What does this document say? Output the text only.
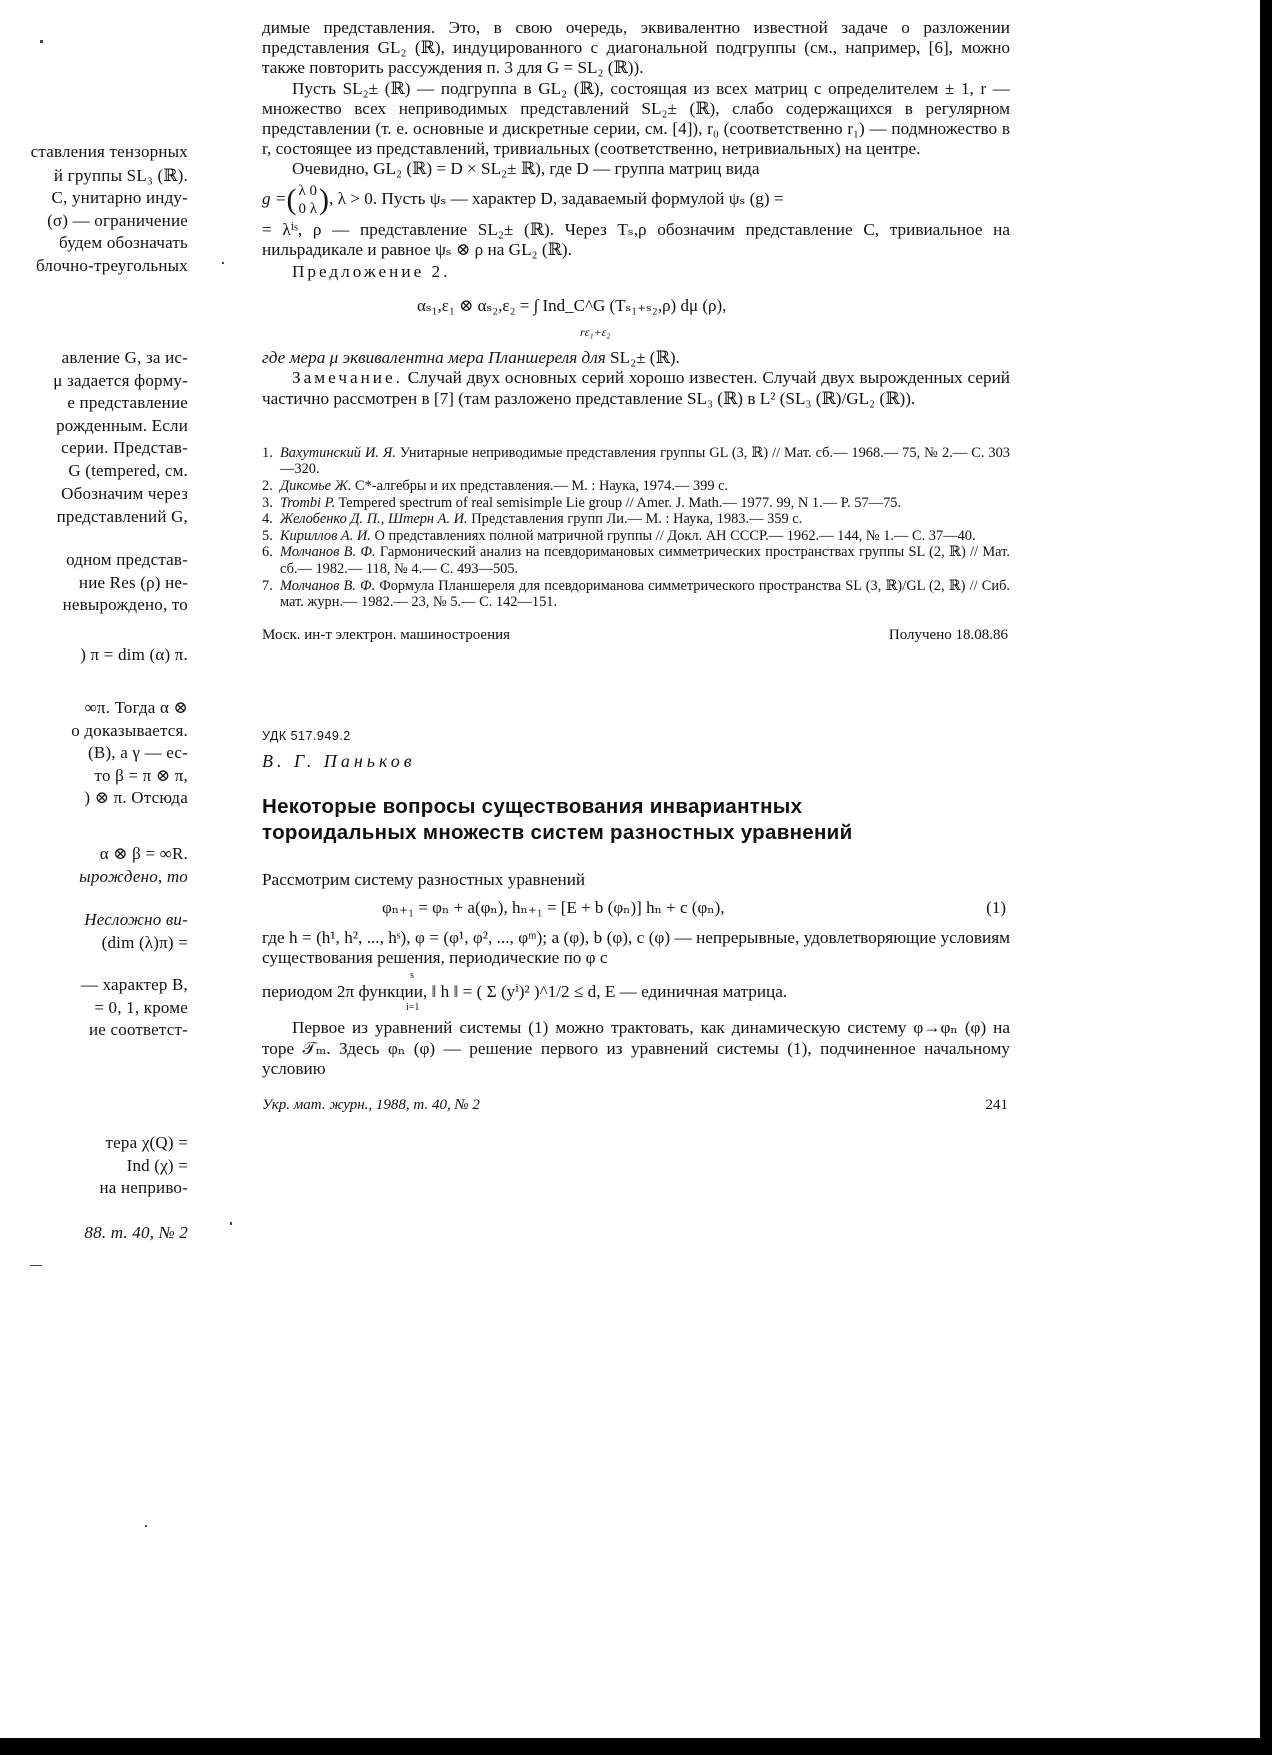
ставления тензорных
й группы SL₃ (ℝ).
C, унитарно инду-
(σ) — ограничение
будем обозначать
блочно-треугольных
авление G, за ис-
μ задается форму-
е представление
рожденным. Если
серии. Представ-
G (tempered, см.
Обозначим через
представлений G,
одном представ-
ние Res (ρ) не-
невырождено, то
) π = dim (α) π.
∞π. Тогда α ⊗
о доказывается.
(B), а γ — ес-
то β = π ⊗ π,
) ⊗ π. Отсюда
α ⊗ β = ∞R.
ырождено, то
Несложно ви-
(dim (λ)π) =
— характер B,
= 0, 1, кроме
ие соответст-
тера χ(Q) =
Ind (χ) =
на неприво-
88. т. 40, № 2

димые представления. Это, в свою очередь, эквивалентно известной задаче о разложении представления GL₂ (ℝ), индуцированного с диагональной подгруппы (см., например, [6], можно также повторить рассуждения п. 3 для G = SL₂ (ℝ)).

Пусть SL₂± (ℝ) — подгруппа в GL₂ (ℝ), состоящая из всех матриц с определителем ± 1, r — множество всех неприводимых представлений SL₂± (ℝ), слабо содержащихся в регулярном представлении (т. е. основные и дискретные серии, см. [4]), r₀ (соответственно r₁) — подмножество в r, состоящее из представлений, тривиальных (соответственно, нетривиальных) на центре.

Очевидно, GL₂ (ℝ) = D × SL₂± ℝ), где D — группа матриц вида

g =( λ 0
0 λ ), λ > 0. Пусть ψₛ — характер D, задаваемый формулой ψₛ (g) =

= λⁱˢ, ρ — представление SL₂± (ℝ). Через Tₛ,ρ обозначим представление C, тривиальное на нильрадикале и равное ψₛ ⊗ ρ на GL₂ (ℝ).

Предложение 2.

αₛ₁,ε₁ ⊗ αₛ₂,ε₂ = ∫ Ind_C^G (Tₛ₁₊ₛ₂,ρ) dμ (ρ),
rε₁+ε₂

где мера μ эквивалентна мера Планшереля для SL₂± (ℝ).

Замечание. Случай двух основных серий хорошо известен. Случай двух вырожденных серий частично рассмотрен в [7] (там разложено представление SL₃ (ℝ) в L² (SL₃ (ℝ)/GL₂ (ℝ)).

1. Вахутинский И. Я. Унитарные неприводимые представления группы GL (3, ℝ) // Мат. сб.— 1968.— 75, № 2.— С. 303—320.
2. Диксмье Ж. C*-алгебры и их представления.— М. : Наука, 1974.— 399 с.
3. Trombi P. Tempered spectrum of real semisimple Lie group // Amer. J. Math.— 1977. 99, N 1.— P. 57—75.
4. Желобенко Д. П., Штерн А. И. Представления групп Ли.— М. : Наука, 1983.— 359 с.
5. Кириллов А. И. О представлениях полной матричной группы // Докл. АН СССР.— 1962.— 144, № 1.— С. 37—40.
6. Молчанов В. Ф. Гармонический анализ на псевдоримановых симметрических пространствах группы SL (2, ℝ) // Мат. сб.— 1982.— 118, № 4.— С. 493—505.
7. Молчанов В. Ф. Формула Планшереля для псевдориманова симметрического пространства SL (3, ℝ)/GL (2, ℝ) // Сиб. мат. журн.— 1982.— 23, № 5.— С. 142—151.
Моск. ин-т электрон. машиностроения	Получено 18.08.86
УДК 517.949.2
В. Г. Паньков

Некоторые вопросы существования инвариантных

тороидальных множеств систем разностных уравнений

Рассмотрим систему разностных уравнений

φₙ₊₁ = φₙ + a(φₙ), hₙ₊₁ = [E + b (φₙ)] hₙ + c (φₙ),	(1)

где h = (h¹, h², ..., hˢ), φ = (φ¹, φ², ..., φᵐ); a (φ), b (φ), c (φ) — непрерывные, удовлетворяющие условиям существования решения, периодические по φ с

s
периодом 2π функции, ‖ h ‖ = ( Σ (yⁱ)² )^1/2 ≤ d, E — единичная матрица.
i=1

Первое из уравнений системы (1) можно трактовать, как динамическую систему φ→φₙ (φ) на торе 𝒯ₘ. Здесь φₙ (φ) — решение первого из уравнений системы (1), подчиненное начальному условию

Укр. мат. журн., 1988, т. 40, № 2	241
